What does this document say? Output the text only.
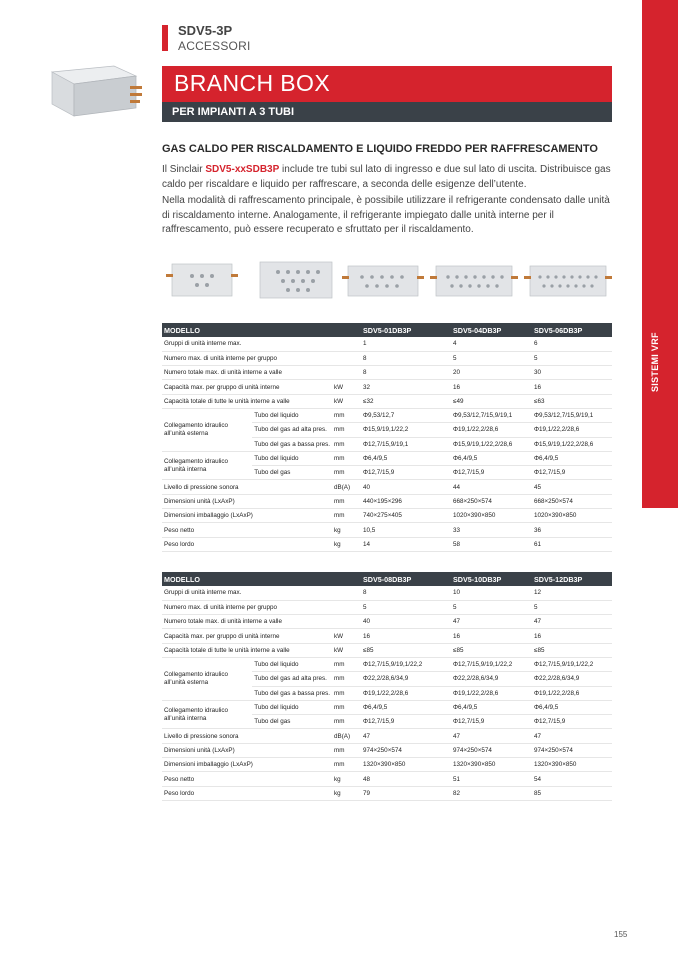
SISTEMI VRF
SDV5-3P
ACCESSORI
BRANCH BOX
PER IMPIANTI A 3 TUBI
GAS CALDO PER RISCALDAMENTO E LIQUIDO FREDDO PER RAFFRESCAMENTO
Il Sinclair SDV5-xxSDB3P include tre tubi sul lato di ingresso e due sul lato di uscita. Distribuisce gas caldo per riscaldare e liquido per raffrescare, a seconda delle esigenze dell’utente.
Nella modalità di raffrescamento principale, è possibile utilizzare il refrigerante condensato dalle unità di riscaldamento interne. Analogamente, il refrigerante impiegato dalle unità interne per il raffrescamento, può essere recuperato e sfruttato per il riscaldamento.
MODELLO			SDV5-01DB3P	SDV5-04DB3P	SDV5-06DB3P
Gruppi di unità interne max.			1	4	6
Numero max. di unità interne per gruppo			8	5	5
Numero totale max. di unità interne a valle			8	20	30
Capacità max. per gruppo di unità interne		kW	32	16	16
Capacità totale di tutte le unità interne a valle		kW	≤32	≤49	≤63
Collegamento idraulico all’unità esterna	Tubo del liquido	mm	Φ9,53/12,7	Φ9,53/12,7/15,9/19,1	Φ9,53/12,7/15,9/19,1
	Tubo del gas ad alta pres.	mm	Φ15,9/19,1/22,2	Φ19,1/22,2/28,6	Φ19,1/22,2/28,6
	Tubo del gas a bassa pres.	mm	Φ12,7/15,9/19,1	Φ15,9/19,1/22,2/28,6	Φ15,9/19,1/22,2/28,6
Collegamento idraulico all’unità interna	Tubo del liquido	mm	Φ6,4/9,5	Φ6,4/9,5	Φ6,4/9,5
	Tubo del gas	mm	Φ12,7/15,9	Φ12,7/15,9	Φ12,7/15,9
Livello di pressione sonora		dB(A)	40	44	45
Dimensioni unità (LxAxP)		mm	440×195×296	668×250×574	668×250×574
Dimensioni imballaggio (LxAxP)		mm	740×275×405	1020×390×850	1020×390×850
Peso netto		kg	10,5	33	36
Peso lordo		kg	14	58	61
MODELLO			SDV5-08DB3P	SDV5-10DB3P	SDV5-12DB3P
Gruppi di unità interne max.			8	10	12
Numero max. di unità interne per gruppo			5	5	5
Numero totale max. di unità interne a valle			40	47	47
Capacità max. per gruppo di unità interne		kW	16	16	16
Capacità totale di tutte le unità interne a valle		kW	≤85	≤85	≤85
Collegamento idraulico all’unità esterna	Tubo del liquido	mm	Φ12,7/15,9/19,1/22,2	Φ12,7/15,9/19,1/22,2	Φ12,7/15,9/19,1/22,2
	Tubo del gas ad alta pres.	mm	Φ22,2/28,6/34,9	Φ22,2/28,6/34,9	Φ22,2/28,6/34,9
	Tubo del gas a bassa pres.	mm	Φ19,1/22,2/28,6	Φ19,1/22,2/28,6	Φ19,1/22,2/28,6
Collegamento idraulico all’unità interna	Tubo del liquido	mm	Φ6,4/9,5	Φ6,4/9,5	Φ6,4/9,5
	Tubo del gas	mm	Φ12,7/15,9	Φ12,7/15,9	Φ12,7/15,9
Livello di pressione sonora		dB(A)	47	47	47
Dimensioni unità (LxAxP)		mm	974×250×574	974×250×574	974×250×574
Dimensioni imballaggio (LxAxP)		mm	1320×390×850	1320×390×850	1320×390×850
Peso netto		kg	48	51	54
Peso lordo		kg	79	82	85
155
